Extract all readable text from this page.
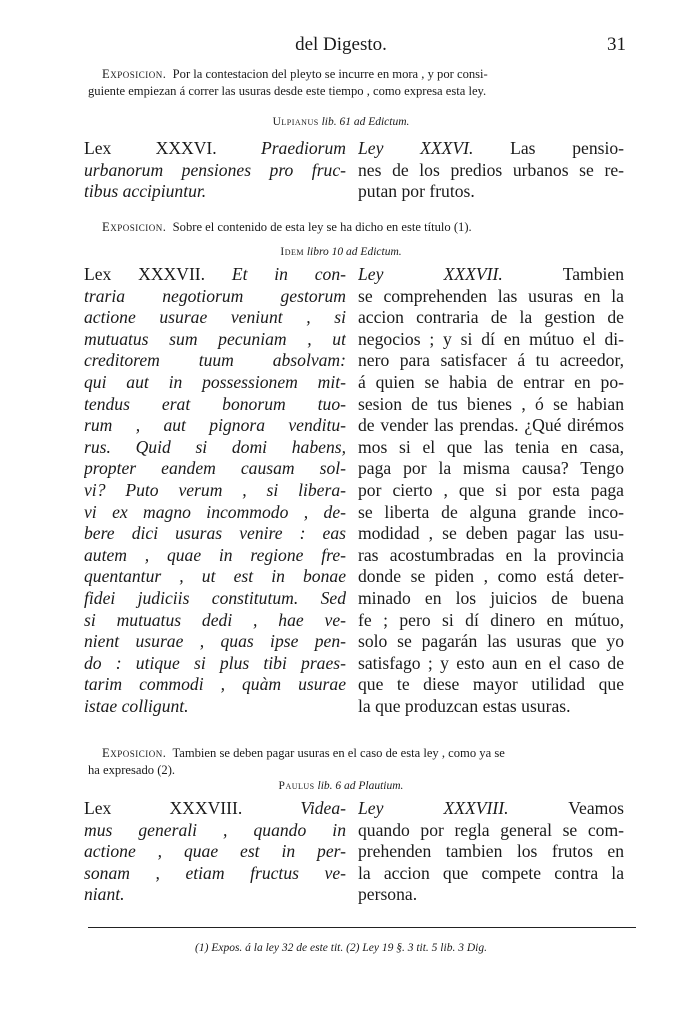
del Digesto.	31
Exposicion. Por la contestacion del pleyto se incurre en mora , y por consi-
guiente empiezan á correr las usuras desde este tiempo , como expresa esta ley.
Ulpianus lib. 61 ad Edictum.
Lex XXXVI. Praediorum
urbanorum pensiones pro fruc-
tibus accipiuntur.
Ley XXXVI. Las pensio-
nes de los predios urbanos se re-
putan por frutos.
Exposicion. Sobre el contenido de esta ley se ha dicho en este título (1).
Idem libro 10 ad Edictum.
Lex XXXVII. Et in con-
traria negotiorum gestorum
actione usurae veniunt , si
mutuatus sum pecuniam , ut
creditorem tuum absolvam:
qui aut in possessionem mit-
tendus erat bonorum tuo-
rum , aut pignora venditu-
rus. Quid si domi habens,
propter eandem causam sol-
vi? Puto verum , si libera-
vi ex magno incommodo , de-
bere dici usuras venire : eas
autem , quae in regione fre-
quentantur , ut est in bonae
fidei judiciis constitutum. Sed
si mutuatus dedi , hae ve-
nient usurae , quas ipse pen-
do : utique si plus tibi praes-
tarim commodi , quàm usurae
istae colligunt.
Ley XXXVII. Tambien
se comprehenden las usuras en la
accion contraria de la gestion de
negocios ; y si dí en mútuo el di-
nero para satisfacer á tu acreedor,
á quien se habia de entrar en po-
sesion de tus bienes , ó se habian
de vender las prendas. ¿Qué dirémos
mos si el que las tenia en casa,
paga por la misma causa? Tengo
por cierto , que si por esta paga
se liberta de alguna grande inco-
modidad , se deben pagar las usu-
ras acostumbradas en la provincia
donde se piden , como está deter-
minado en los juicios de buena
fe ; pero si dí dinero en mútuo,
solo se pagarán las usuras que yo
satisfago ; y esto aun en el caso de
que te diese mayor utilidad que
la que produzcan estas usuras.
Exposicion. Tambien se deben pagar usuras en el caso de esta ley , como ya se
ha expresado (2).
Paulus lib. 6 ad Plautium.
Lex XXXVIII. Videa-
mus generali , quando in
actione , quae est in per-
sonam , etiam fructus ve-
niant.
Ley XXXVIII. Veamos
quando por regla general se com-
prehenden tambien los frutos en
la accion que compete contra la
persona.
(1) Expos. á la ley 32 de este tit. (2) Ley 19 §. 3 tit. 5 lib. 3 Dig.
